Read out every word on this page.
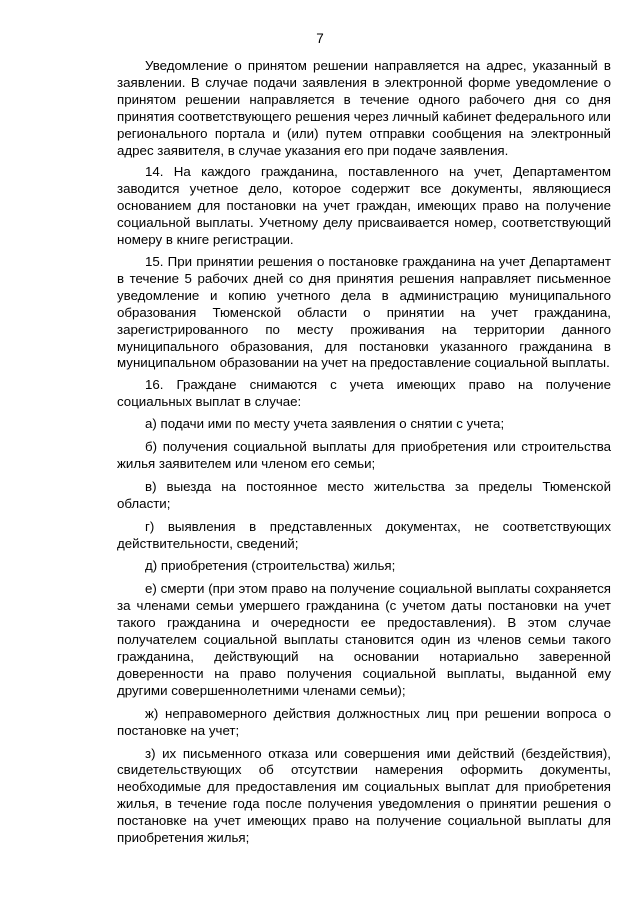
7

Уведомление о принятом решении направляется на адрес, указанный в заявлении. В случае подачи заявления в электронной форме уведомление о принятом решении направляется в течение одного рабочего дня со дня принятия соответствующего решения через личный кабинет федерального или регионального портала и (или) путем отправки сообщения на электронный адрес заявителя, в случае указания его при подаче заявления.

14. На каждого гражданина, поставленного на учет, Департаментом заводится учетное дело, которое содержит все документы, являющиеся основанием для постановки на учет граждан, имеющих право на получение социальной выплаты. Учетному делу присваивается номер, соответствующий номеру в книге регистрации.

15. При принятии решения о постановке гражданина на учет Департамент в течение 5 рабочих дней со дня принятия решения направляет письменное уведомление и копию учетного дела в администрацию муниципального образования Тюменской области о принятии на учет гражданина, зарегистрированного по месту проживания на территории данного муниципального образования, для постановки указанного гражданина в муниципальном образовании на учет на предоставление социальной выплаты.

16. Граждане снимаются с учета имеющих право на получение социальных выплат в случае:

а) подачи ими по месту учета заявления о снятии с учета;

б) получения социальной выплаты для приобретения или строительства жилья заявителем или членом его семьи;

в) выезда на постоянное место жительства за пределы Тюменской области;

г) выявления в представленных документах, не соответствующих действительности, сведений;

д) приобретения (строительства) жилья;

е) смерти (при этом право на получение социальной выплаты сохраняется за членами семьи умершего гражданина (с учетом даты постановки на учет такого гражданина и очередности ее предоставления). В этом случае получателем социальной выплаты становится один из членов семьи такого гражданина, действующий на основании нотариально заверенной доверенности на право получения социальной выплаты, выданной ему другими совершеннолетними членами семьи);

ж) неправомерного действия должностных лиц при решении вопроса о постановке на учет;

з) их письменного отказа или совершения ими действий (бездействия), свидетельствующих об отсутствии намерения оформить документы, необходимые для предоставления им социальных выплат для приобретения жилья, в течение года после получения уведомления о принятии решения о постановке на учет имеющих право на получение социальной выплаты для приобретения жилья;
